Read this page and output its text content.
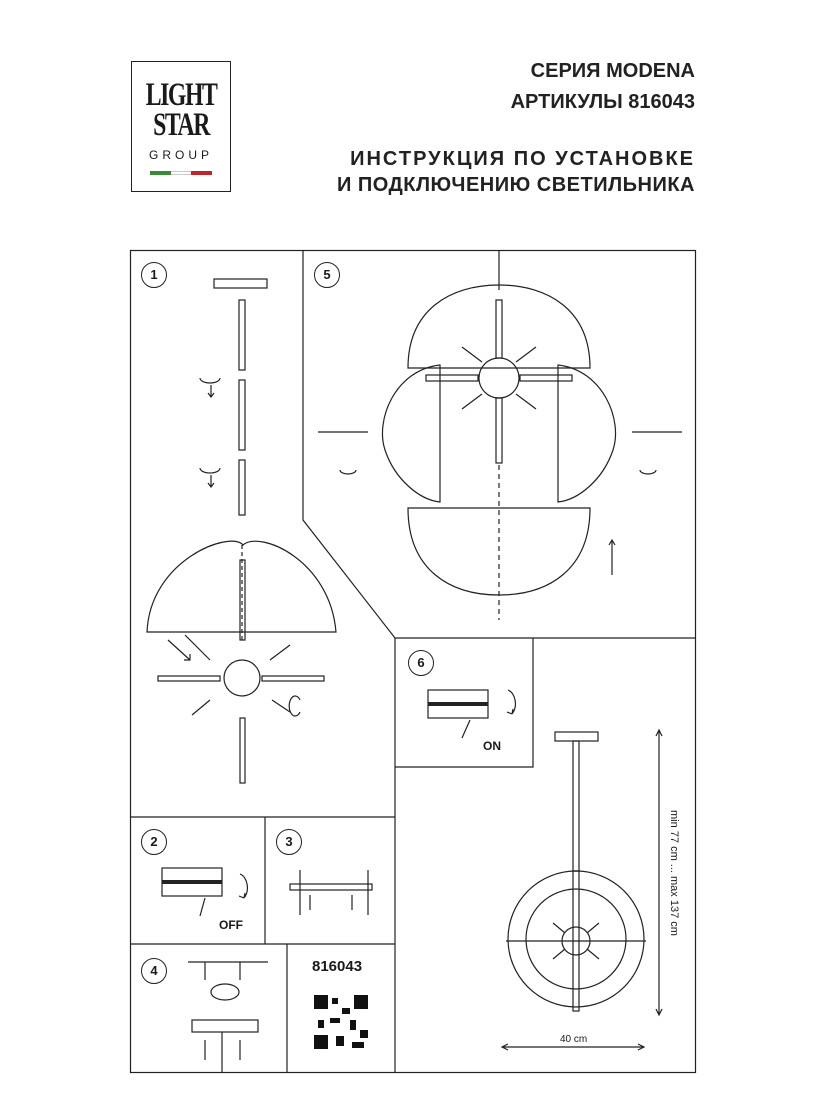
LIGHT
STAR
GROUP
СЕРИЯ MODENA
АРТИКУЛЫ 816043
ИНСТРУКЦИЯ ПО УСТАНОВКЕ
И ПОДКЛЮЧЕНИЮ СВЕТИЛЬНИКА
1
2
OFF
3
4
5
6
ON
816043
min 77 cm ... max 137 cm
40 cm
